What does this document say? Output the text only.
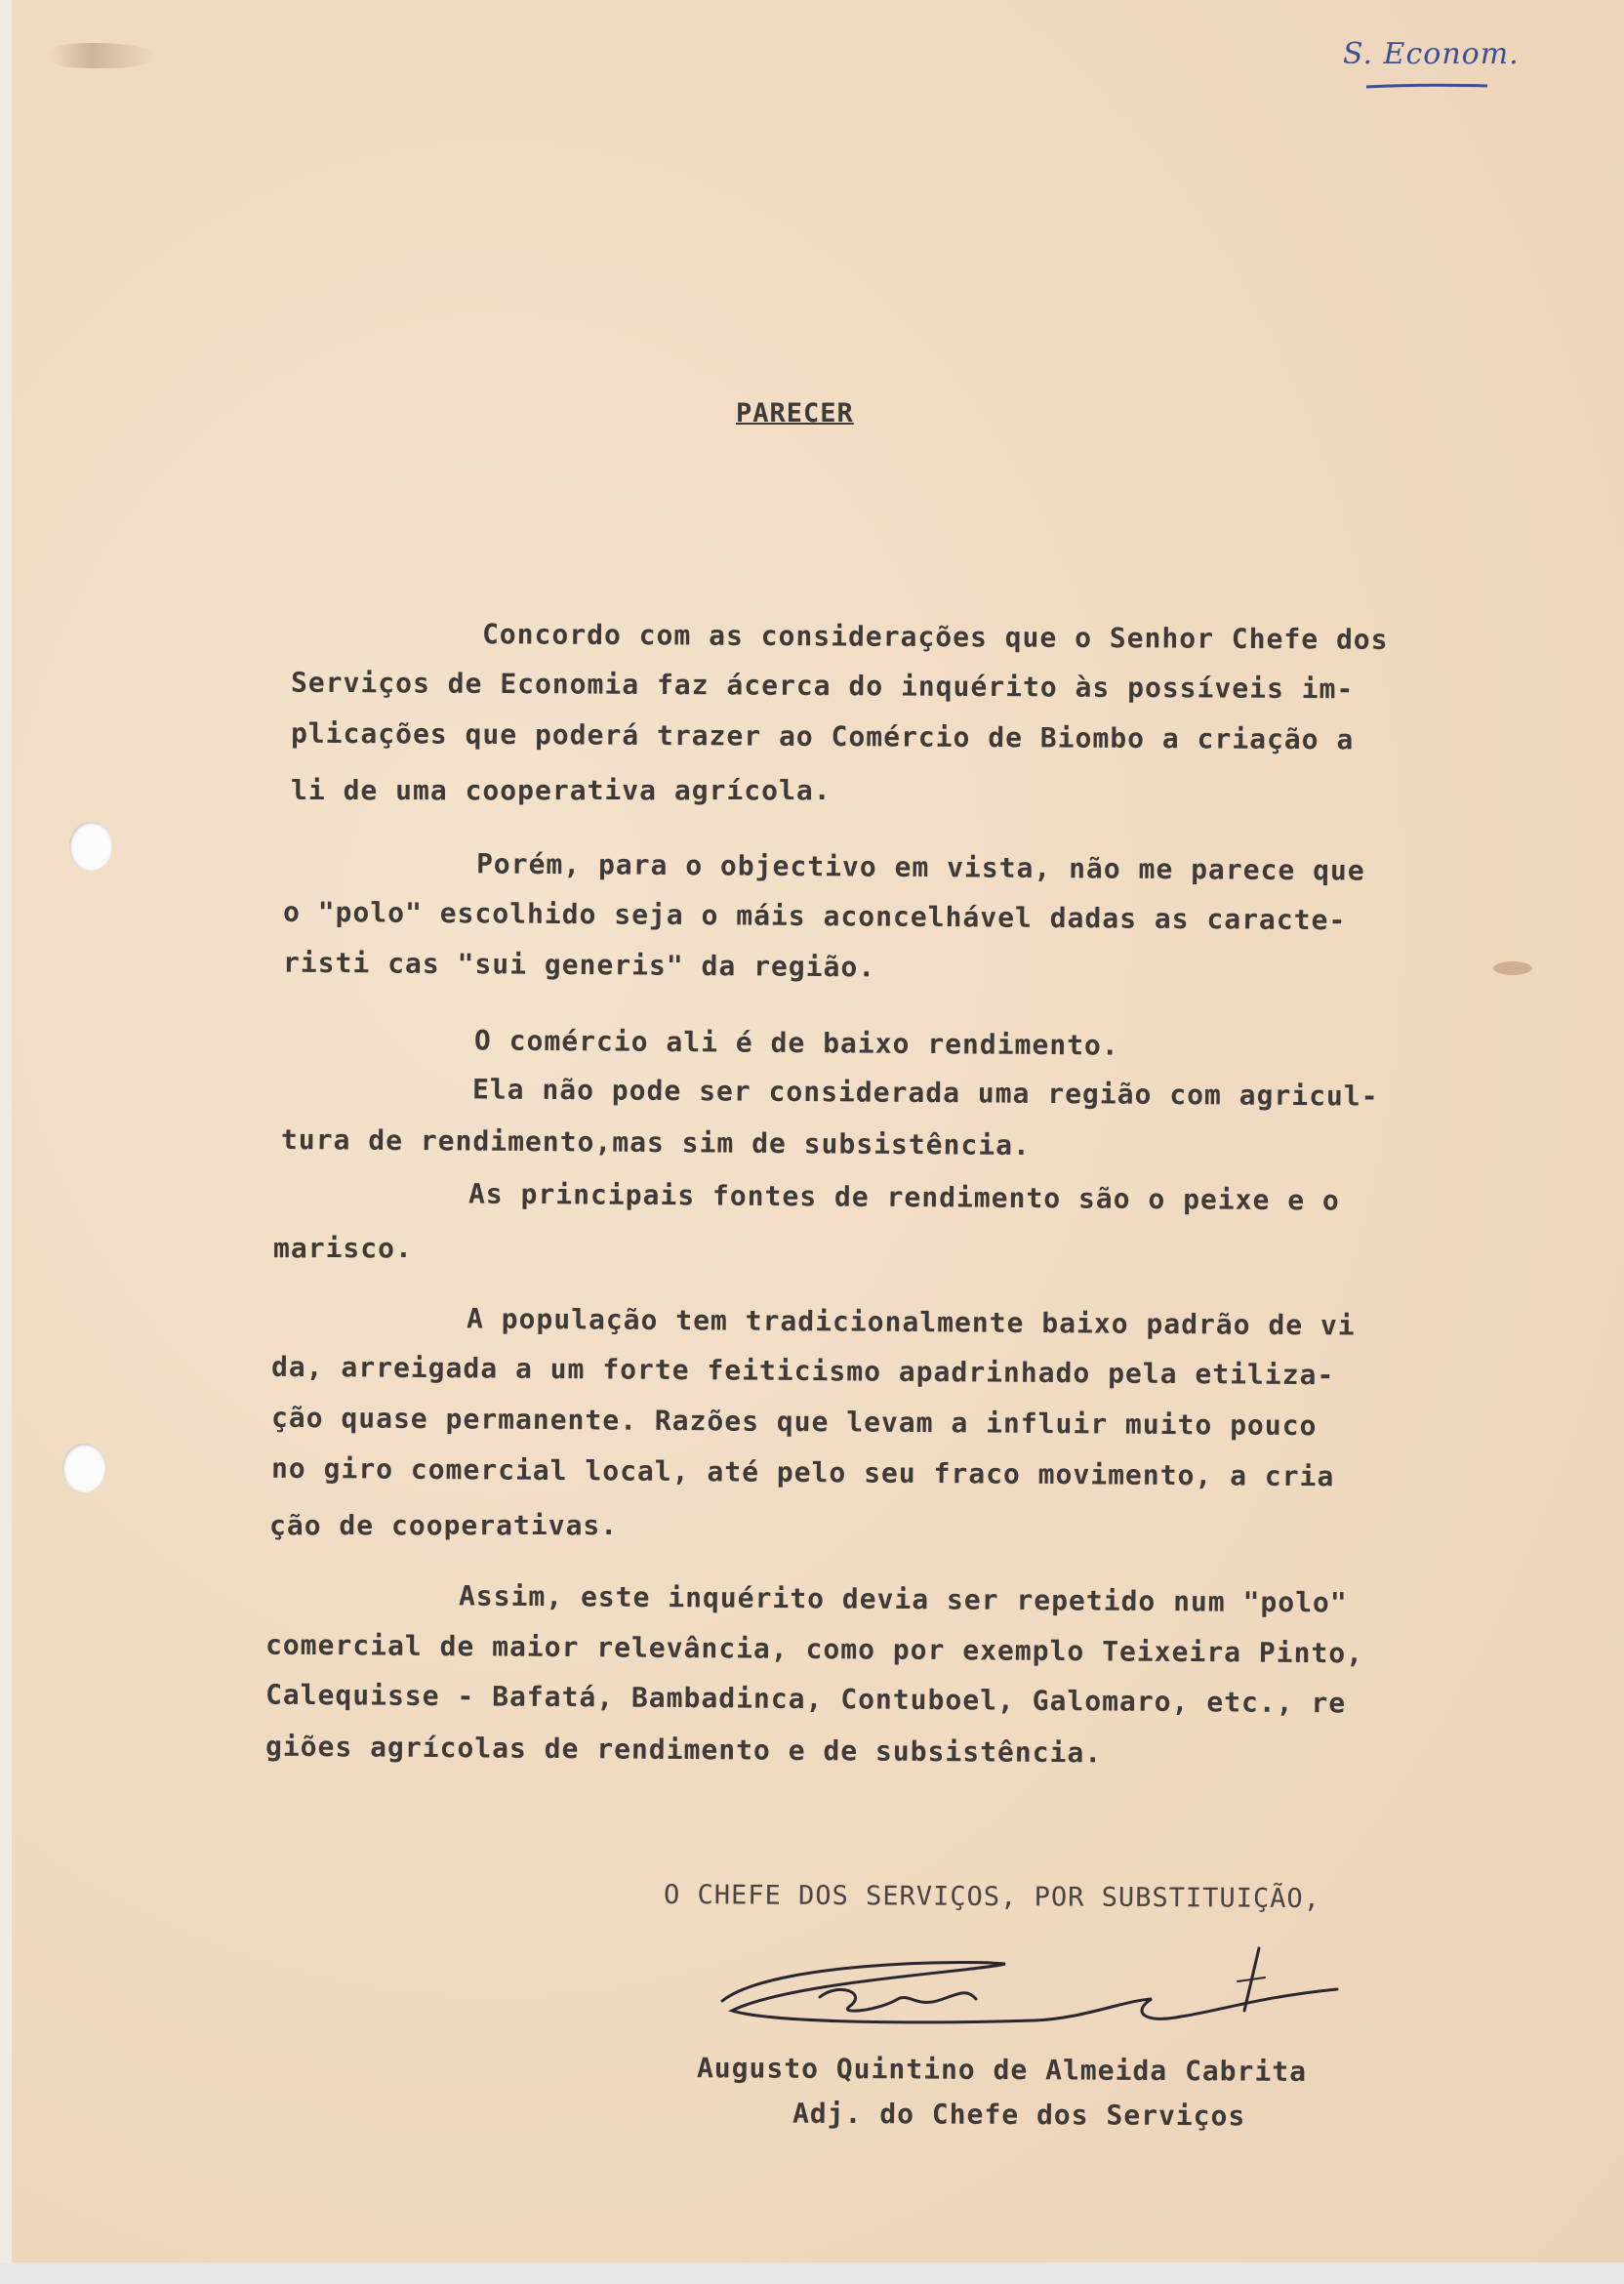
S. Econom.
PARECER
Concordo com as considerações que o Senhor Chefe dos
Serviços de Economia faz ácerca do inquérito às possíveis im-
plicações que poderá trazer ao Comércio de Biombo a criação a
li de uma cooperativa agrícola.
Porém, para o objectivo em vista, não me parece que
o "polo" escolhido seja o máis aconcelhável dadas as caracte-
risti cas "sui generis" da região.
O comércio ali é de baixo rendimento.
Ela não pode ser considerada uma região com agricul-
tura de rendimento,mas sim de subsistência.
As principais fontes de rendimento são o peixe e o
marisco.
A população tem tradicionalmente baixo padrão de vi
da, arreigada a um forte feiticismo apadrinhado pela etiliza-
ção quase permanente. Razões que levam a influir muito pouco
no giro comercial local, até pelo seu fraco movimento, a cria
ção de cooperativas.
Assim, este inquérito devia ser repetido num "polo"
comercial de maior relevância, como por exemplo Teixeira Pinto,
Calequisse - Bafatá, Bambadinca, Contuboel, Galomaro, etc., re
giões agrícolas de rendimento e de subsistência.
O CHEFE DOS SERVIÇOS, POR SUBSTITUIÇÃO,
Augusto Quintino de Almeida Cabrita
Adj. do Chefe dos Serviços
